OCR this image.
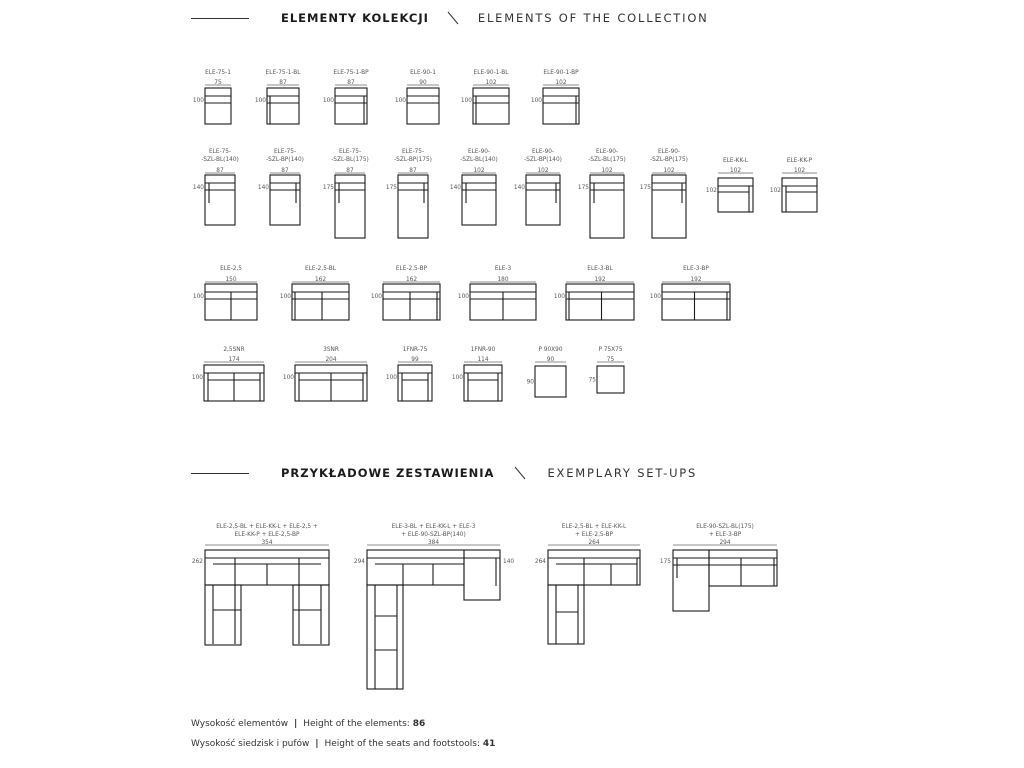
ELEMENTY KOLEKCJI	ELEMENTS OF THE COLLECTION
PRZYKŁADOWE ZESTAWIENIA	EXEMPLARY SET-UPS
ELE-75-1
75
100
ELE-75-1-BL
87
100
ELE-75-1-BP
87
100
ELE-90-1
90
100
ELE-90-1-BL
102
100
ELE-90-1-BP
102
100
ELE-75-
-SZL-BL(140)
87
140
ELE-75-
-SZL-BP(140)
87
140
ELE-75-
-SZL-BL(175)
87
175
ELE-75-
-SZL-BP(175)
87
175
ELE-90-
-SZL-BL(140)
102
140
ELE-90-
-SZL-BP(140)
102
140
ELE-90-
-SZL-BL(175)
102
175
ELE-90-
-SZL-BP(175)
102
175
ELE-KK-L
102
102
ELE-KK-P
102
102
ELE-2,5
150
100
ELE-2,5-BL
162
100
ELE-2,5-BP
162
100
ELE-3
180
100
ELE-3-BL
192
100
ELE-3-BP
192
100
2,5SNR
174
100
3SNR
204
100
1FNR-75
99
100
1FNR-90
114
100
P 90X90
90
90
P 75X75
75
75
ELE-2,5-BL + ELE-KK-L + ELE-2,5 +
ELE-KK-P + ELE-2,5-BP
354
262
ELE-3-BL + ELE-KK-L + ELE-3
+ ELE-90-SZL-BP(140)
384
294	140
ELE-2,5-BL + ELE-KK-L
+ ELE-2,5-BP
264
264
ELE-90-SZL-BL(175)
+ ELE-3-BP
294
175
Wysokość elementów | Height of the elements: 86
Wysokość siedzisk i pufów | Height of the seats and footstools: 41
